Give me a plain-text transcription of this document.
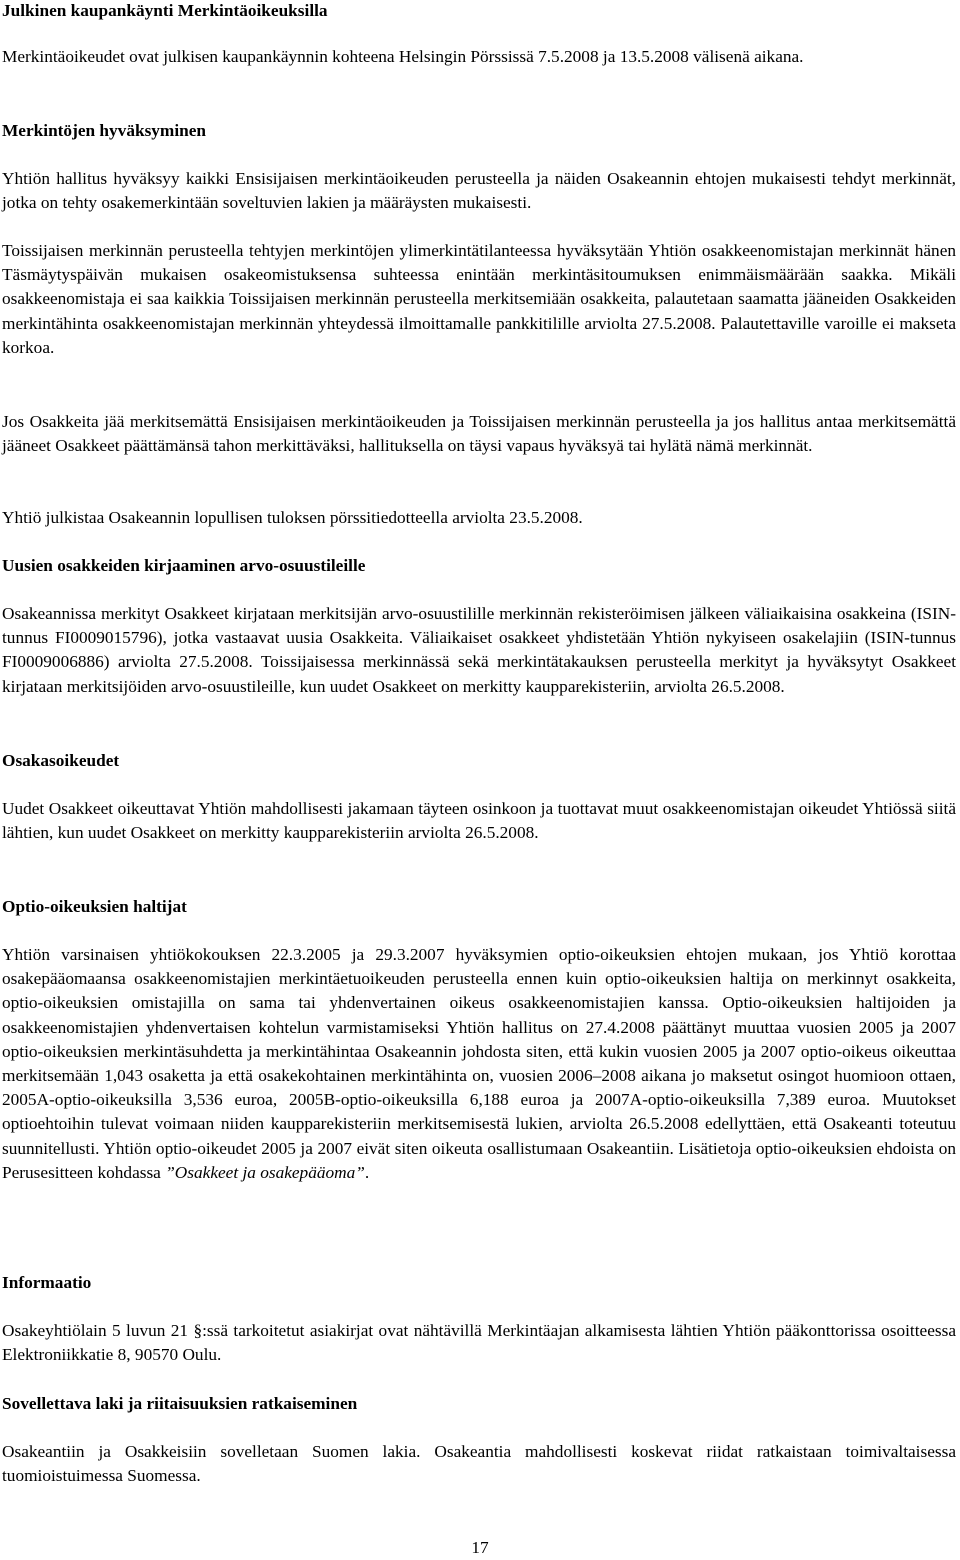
Julkinen kaupankäynti Merkintäoikeuksilla

Merkintäoikeudet ovat julkisen kaupankäynnin kohteena Helsingin Pörssissä 7.5.2008 ja 13.5.2008 välisenä aikana.

Merkintöjen hyväksyminen

Yhtiön hallitus hyväksyy kaikki Ensisijaisen merkintäoikeuden perusteella ja näiden Osakeannin ehtojen mukaisesti tehdyt merkinnät, jotka on tehty osakemerkintään soveltuvien lakien ja määräysten mukaisesti.

Toissijaisen merkinnän perusteella tehtyjen merkintöjen ylimerkintätilanteessa hyväksytään Yhtiön osakkeenomistajan merkinnät hänen Täsmäytyspäivän mukaisen osakeomistuksensa suhteessa enintään merkintäsitoumuksen enimmäismäärään saakka. Mikäli osakkeenomistaja ei saa kaikkia Toissijaisen merkinnän perusteella merkitsemiään osakkeita, palautetaan saamatta jääneiden Osakkeiden merkintähinta osakkeenomistajan merkinnän yhteydessä ilmoittamalle pankkitilille arviolta 27.5.2008. Palautettaville varoille ei makseta korkoa.

Jos Osakkeita jää merkitsemättä Ensisijaisen merkintäoikeuden ja Toissijaisen merkinnän perusteella ja jos hallitus antaa merkitsemättä jääneet Osakkeet päättämänsä tahon merkittäväksi, hallituksella on täysi vapaus hyväksyä tai hylätä nämä merkinnät.

Yhtiö julkistaa Osakeannin lopullisen tuloksen pörssitiedotteella arviolta 23.5.2008.

Uusien osakkeiden kirjaaminen arvo-osuustileille

Osakeannissa merkityt Osakkeet kirjataan merkitsijän arvo-osuustilille merkinnän rekisteröimisen jälkeen väliaikaisina osakkeina (ISIN-tunnus FI0009015796), jotka vastaavat uusia Osakkeita. Väliaikaiset osakkeet yhdistetään Yhtiön nykyiseen osakelajiin (ISIN-tunnus FI0009006886) arviolta 27.5.2008. Toissijaisessa merkinnässä sekä merkintätakauksen perusteella merkityt ja hyväksytyt Osakkeet kirjataan merkitsijöiden arvo-osuustileille, kun uudet Osakkeet on merkitty kaupparekisteriin, arviolta 26.5.2008.

Osakasoikeudet

Uudet Osakkeet oikeuttavat Yhtiön mahdollisesti jakamaan täyteen osinkoon ja tuottavat muut osakkeenomistajan oikeudet Yhtiössä siitä lähtien, kun uudet Osakkeet on merkitty kaupparekisteriin arviolta 26.5.2008.

Optio-oikeuksien haltijat

Yhtiön varsinaisen yhtiökokouksen 22.3.2005 ja 29.3.2007 hyväksymien optio-oikeuksien ehtojen mukaan, jos Yhtiö korottaa osakepääomaansa osakkeenomistajien merkintäetuoikeuden perusteella ennen kuin optio-oikeuksien haltija on merkinnyt osakkeita, optio-oikeuksien omistajilla on sama tai yhdenvertainen oikeus osakkeenomistajien kanssa. Optio-oikeuksien haltijoiden ja osakkeenomistajien yhdenvertaisen kohtelun varmistamiseksi Yhtiön hallitus on 27.4.2008 päättänyt muuttaa vuosien 2005 ja 2007 optio-oikeuksien merkintäsuhdetta ja merkintähintaa Osakeannin johdosta siten, että kukin vuosien 2005 ja 2007 optio-oikeus oikeuttaa merkitsemään 1,043 osaketta ja että osakekohtainen merkintähinta on, vuosien 2006–2008 aikana jo maksetut osingot huomioon ottaen, 2005A-optio-oikeuksilla 3,536 euroa, 2005B-optio-oikeuksilla 6,188 euroa ja 2007A-optio-oikeuksilla 7,389 euroa. Muutokset optioehtoihin tulevat voimaan niiden kaupparekisteriin merkitsemisestä lukien, arviolta 26.5.2008 edellyttäen, että Osakeanti toteutuu suunnitellusti. Yhtiön optio-oikeudet 2005 ja 2007 eivät siten oikeuta osallistumaan Osakeantiin. Lisätietoja optio-oikeuksien ehdoista on Perusesitteen kohdassa ”Osakkeet ja osakepääoma”.

Informaatio

Osakeyhtiölain 5 luvun 21 §:ssä tarkoitetut asiakirjat ovat nähtävillä Merkintäajan alkamisesta lähtien Yhtiön pääkonttorissa osoitteessa Elektroniikkatie 8, 90570 Oulu.

Sovellettava laki ja riitaisuuksien ratkaiseminen

Osakeantiin ja Osakkeisiin sovelletaan Suomen lakia. Osakeantia mahdollisesti koskevat riidat ratkaistaan toimivaltaisessa tuomioistuimessa Suomessa.

17
